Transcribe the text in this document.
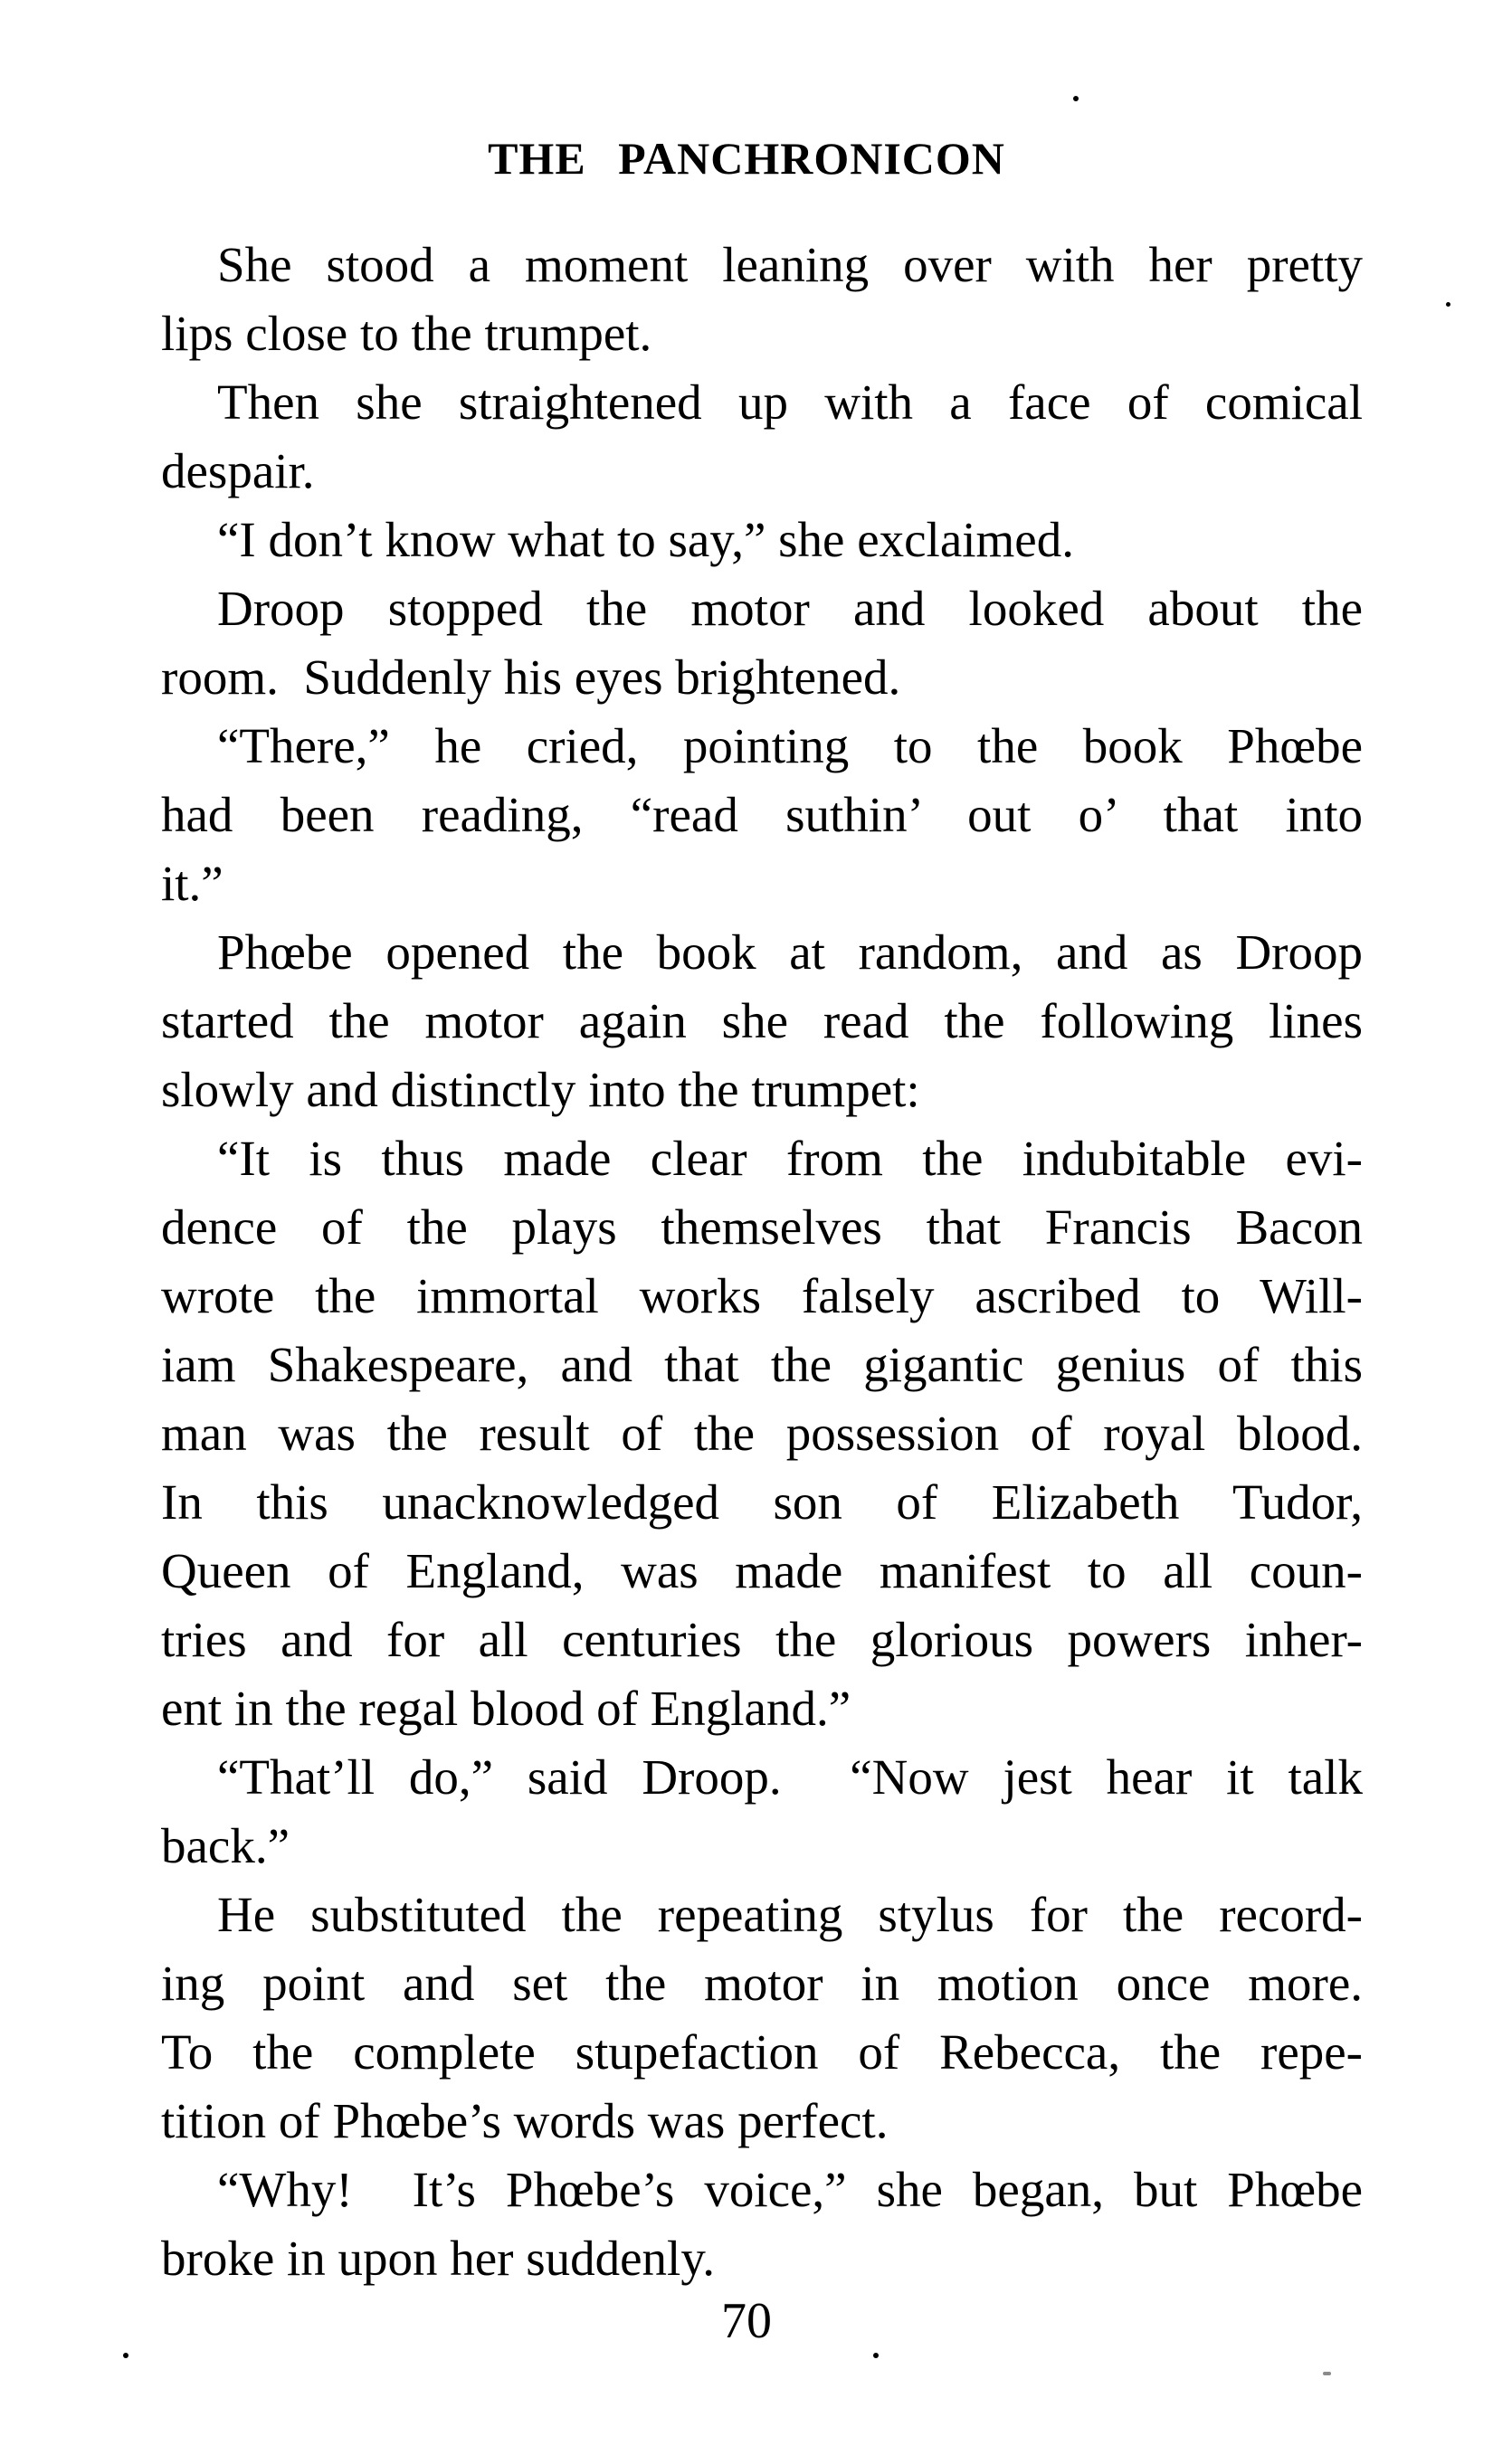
THE PANCHRONICON
She stood a moment leaning over with her pretty
lips close to the trumpet.
Then she straightened up with a face of comical
despair.
“I don’t know what to say,” she exclaimed.
Droop stopped the motor and looked about the
room.  Suddenly his eyes brightened.
“There,” he cried, pointing to the book Phœbe
had been reading, “read suthin’ out o’ that into
it.”
Phœbe opened the book at random, and as Droop
started the motor again she read the following lines
slowly and distinctly into the trumpet:
“It is thus made clear from the indubitable evi-
dence of the plays themselves that Francis Bacon
wrote the immortal works falsely ascribed to Will-
iam Shakespeare, and that the gigantic genius of this
man was the result of the possession of royal blood.
In this unacknowledged son of Elizabeth Tudor,
Queen of England, was made manifest to all coun-
tries and for all centuries the glorious powers inher-
ent in the regal blood of England.”
“That’ll do,” said Droop.  “Now jest hear it talk
back.”
He substituted the repeating stylus for the record-
ing point and set the motor in motion once more.
To the complete stupefaction of Rebecca, the repe-
tition of Phœbe’s words was perfect.
“Why!  It’s Phœbe’s voice,” she began, but Phœbe
broke in upon her suddenly.
70
